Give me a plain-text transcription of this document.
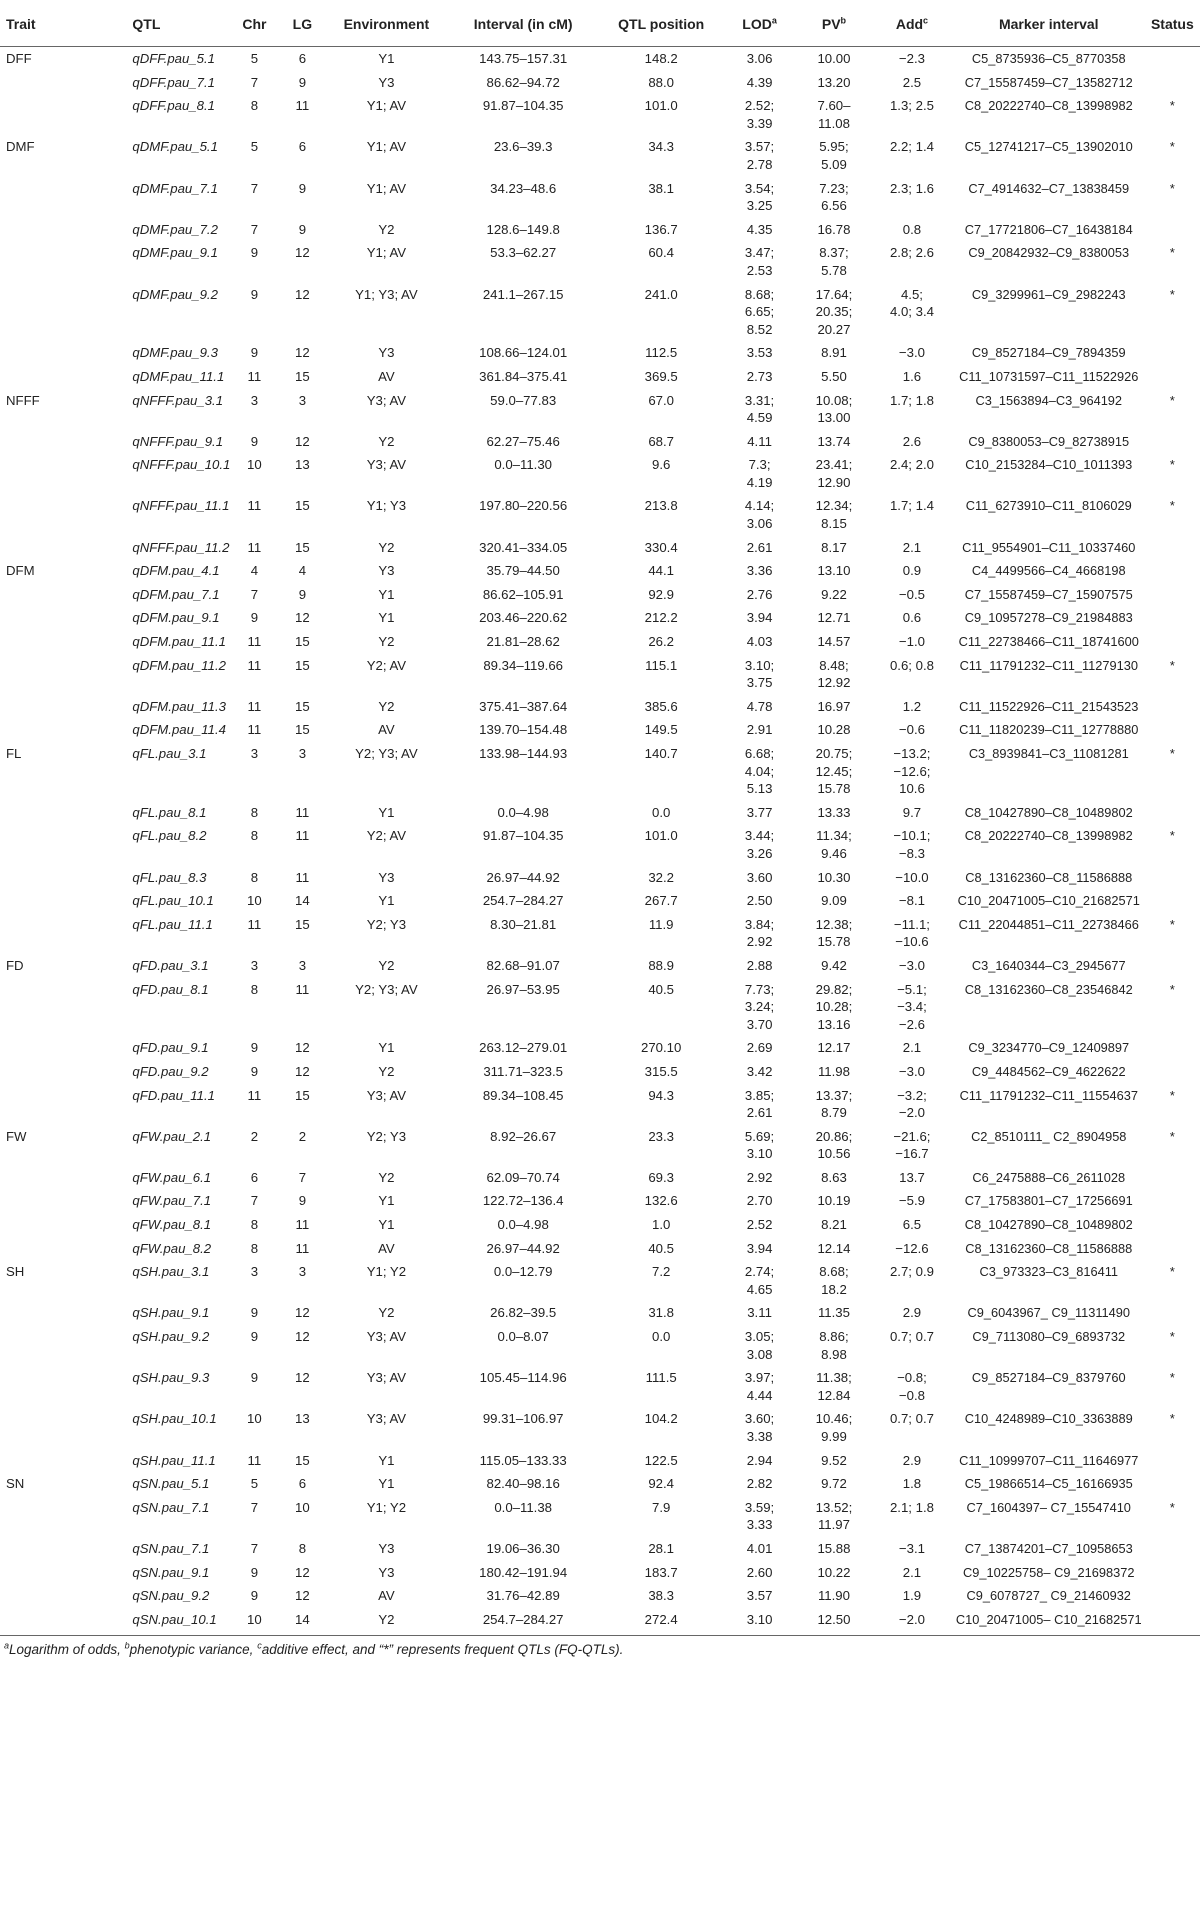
Trait	QTL	Chr	LG	Environment	Interval (in cM)	QTL position	LOD$^a$	$PV^b$	Add$^c$	Marker interval	Status
DFF	qDFF.pau_5.1	5	6	Y1	143.75–157.31	148.2	3.06	10.00	−2.3	C5_8735936–C5_8770358	
	qDFF.pau_7.1	7	9	Y3	86.62–94.72	88.0	4.39	13.20	2.5	C7_15587459–C7_13582712	
	qDFF.pau_8.1	8	11	Y1; AV	91.87–104.35	101.0	2.52;
3.39	7.60–
11.08	1.3; 2.5	C8_20222740–C8_13998982	*
DMF	qDMF.pau_5.1	5	6	Y1; AV	23.6–39.3	34.3	3.57;
2.78	5.95;
5.09	2.2; 1.4	C5_12741217–C5_13902010	*
	qDMF.pau_7.1	7	9	Y1; AV	34.23–48.6	38.1	3.54;
3.25	7.23;
6.56	2.3; 1.6	C7_4914632–C7_13838459	*
	qDMF.pau_7.2	7	9	Y2	128.6–149.8	136.7	4.35	16.78	0.8	C7_17721806–C7_16438184	
	qDMF.pau_9.1	9	12	Y1; AV	53.3–62.27	60.4	3.47;
2.53	8.37;
5.78	2.8; 2.6	C9_20842932–C9_8380053	*
	qDMF.pau_9.2	9	12	Y1; Y3; AV	241.1–267.15	241.0	8.68;
6.65;
8.52	17.64;
20.35;
20.27	4.5;
4.0; 3.4	C9_3299961–C9_2982243	*
	qDMF.pau_9.3	9	12	Y3	108.66–124.01	112.5	3.53	8.91	−3.0	C9_8527184–C9_7894359	
	qDMF.pau_11.1	11	15	AV	361.84–375.41	369.5	2.73	5.50	1.6	C11_10731597–C11_11522926	
NFFF	qNFFF.pau_3.1	3	3	Y3; AV	59.0–77.83	67.0	3.31;
4.59	10.08;
13.00	1.7; 1.8	C3_1563894–C3_964192	*
	qNFFF.pau_9.1	9	12	Y2	62.27–75.46	68.7	4.11	13.74	2.6	C9_8380053–C9_82738915	
	qNFFF.pau_10.1	10	13	Y3; AV	0.0–11.30	9.6	7.3;
4.19	23.41;
12.90	2.4; 2.0	C10_2153284–C10_1011393	*
	qNFFF.pau_11.1	11	15	Y1; Y3	197.80–220.56	213.8	4.14;
3.06	12.34;
8.15	1.7; 1.4	C11_6273910–C11_8106029	*
	qNFFF.pau_11.2	11	15	Y2	320.41–334.05	330.4	2.61	8.17	2.1	C11_9554901–C11_10337460	
DFM	qDFM.pau_4.1	4	4	Y3	35.79–44.50	44.1	3.36	13.10	0.9	C4_4499566–C4_4668198	
	qDFM.pau_7.1	7	9	Y1	86.62–105.91	92.9	2.76	9.22	−0.5	C7_15587459–C7_15907575	
	qDFM.pau_9.1	9	12	Y1	203.46–220.62	212.2	3.94	12.71	0.6	C9_10957278–C9_21984883	
	qDFM.pau_11.1	11	15	Y2	21.81–28.62	26.2	4.03	14.57	−1.0	C11_22738466–C11_18741600	
	qDFM.pau_11.2	11	15	Y2; AV	89.34–119.66	115.1	3.10;
3.75	8.48;
12.92	0.6; 0.8	C11_11791232–C11_11279130	*
	qDFM.pau_11.3	11	15	Y2	375.41–387.64	385.6	4.78	16.97	1.2	C11_11522926–C11_21543523	
	qDFM.pau_11.4	11	15	AV	139.70–154.48	149.5	2.91	10.28	−0.6	C11_11820239–C11_12778880	
FL	qFL.pau_3.1	3	3	Y2; Y3; AV	133.98–144.93	140.7	6.68;
4.04;
5.13	20.75;
12.45;
15.78	−13.2;
−12.6;
10.6	C3_8939841–C3_11081281	*
	qFL.pau_8.1	8	11	Y1	0.0–4.98	0.0	3.77	13.33	9.7	C8_10427890–C8_10489802	
	qFL.pau_8.2	8	11	Y2; AV	91.87–104.35	101.0	3.44;
3.26	11.34;
9.46	−10.1;
−8.3	C8_20222740–C8_13998982	*
	qFL.pau_8.3	8	11	Y3	26.97–44.92	32.2	3.60	10.30	−10.0	C8_13162360–C8_11586888	
	qFL.pau_10.1	10	14	Y1	254.7–284.27	267.7	2.50	9.09	−8.1	C10_20471005–C10_21682571	
	qFL.pau_11.1	11	15	Y2; Y3	8.30–21.81	11.9	3.84;
2.92	12.38;
15.78	−11.1;
−10.6	C11_22044851–C11_22738466	*
FD	qFD.pau_3.1	3	3	Y2	82.68–91.07	88.9	2.88	9.42	−3.0	C3_1640344–C3_2945677	
	qFD.pau_8.1	8	11	Y2; Y3; AV	26.97–53.95	40.5	7.73;
3.24;
3.70	29.82;
10.28;
13.16	−5.1;
−3.4;
−2.6	C8_13162360–C8_23546842	*
	qFD.pau_9.1	9	12	Y1	263.12–279.01	270.10	2.69	12.17	2.1	C9_3234770–C9_12409897	
	qFD.pau_9.2	9	12	Y2	311.71–323.5	315.5	3.42	11.98	−3.0	C9_4484562–C9_4622622	
	qFD.pau_11.1	11	15	Y3; AV	89.34–108.45	94.3	3.85;
2.61	13.37;
8.79	−3.2;
−2.0	C11_11791232–C11_11554637	*
FW	qFW.pau_2.1	2	2	Y2; Y3	8.92–26.67	23.3	5.69;
3.10	20.86;
10.56	−21.6;
−16.7	C2_8510111_ C2_8904958	*
	qFW.pau_6.1	6	7	Y2	62.09–70.74	69.3	2.92	8.63	13.7	C6_2475888–C6_2611028	
	qFW.pau_7.1	7	9	Y1	122.72–136.4	132.6	2.70	10.19	−5.9	C7_17583801–C7_17256691	
	qFW.pau_8.1	8	11	Y1	0.0–4.98	1.0	2.52	8.21	6.5	C8_10427890–C8_10489802	
	qFW.pau_8.2	8	11	AV	26.97–44.92	40.5	3.94	12.14	−12.6	C8_13162360–C8_11586888	
SH	qSH.pau_3.1	3	3	Y1; Y2	0.0–12.79	7.2	2.74;
4.65	8.68;
18.2	2.7; 0.9	C3_973323–C3_816411	*
	qSH.pau_9.1	9	12	Y2	26.82–39.5	31.8	3.11	11.35	2.9	C9_6043967_ C9_11311490	
	qSH.pau_9.2	9	12	Y3; AV	0.0–8.07	0.0	3.05;
3.08	8.86;
8.98	0.7; 0.7	C9_7113080–C9_6893732	*
	qSH.pau_9.3	9	12	Y3; AV	105.45–114.96	111.5	3.97;
4.44	11.38;
12.84	−0.8;
−0.8	C9_8527184–C9_8379760	*
	qSH.pau_10.1	10	13	Y3; AV	99.31–106.97	104.2	3.60;
3.38	10.46;
9.99	0.7; 0.7	C10_4248989–C10_3363889	*
	qSH.pau_11.1	11	15	Y1	115.05–133.33	122.5	2.94	9.52	2.9	C11_10999707–C11_11646977	
SN	qSN.pau_5.1	5	6	Y1	82.40–98.16	92.4	2.82	9.72	1.8	C5_19866514–C5_16166935	
	qSN.pau_7.1	7	10	Y1; Y2	0.0–11.38	7.9	3.59;
3.33	13.52;
11.97	2.1; 1.8	C7_1604397– C7_15547410	*
	qSN.pau_7.1	7	8	Y3	19.06–36.30	28.1	4.01	15.88	−3.1	C7_13874201–C7_10958653	
	qSN.pau_9.1	9	12	Y3	180.42–191.94	183.7	2.60	10.22	2.1	C9_10225758– C9_21698372	
	qSN.pau_9.2	9	12	AV	31.76–42.89	38.3	3.57	11.90	1.9	C9_6078727_ C9_21460932	
	qSN.pau_10.1	10	14	Y2	254.7–284.27	272.4	3.10	12.50	−2.0	C10_20471005– C10_21682571	
$^a$Logarithm of odds, $^b$phenotypic variance, $^c$additive effect, and “*” represents frequent QTLs (FQ-QTLs).
